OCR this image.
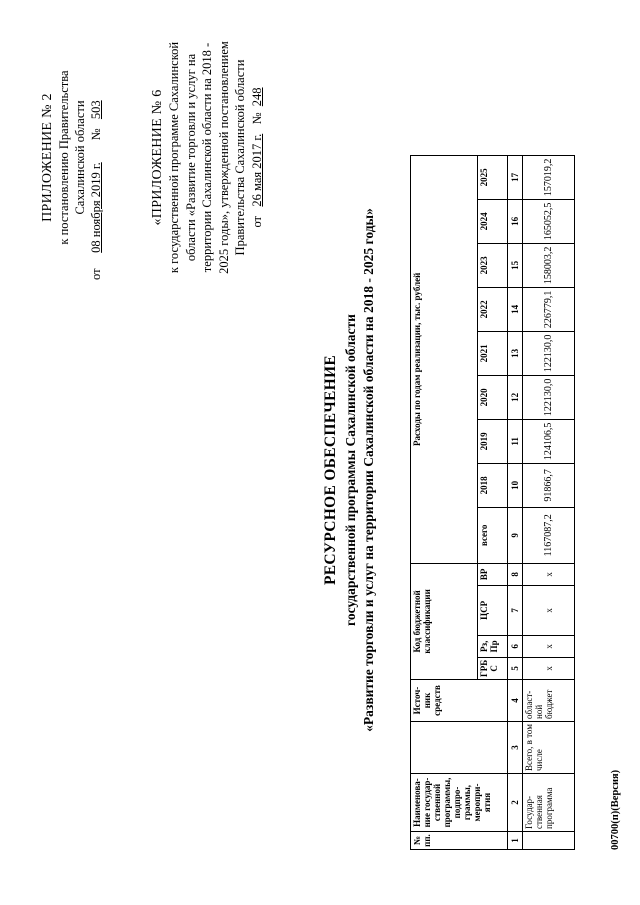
ПРИЛОЖЕНИЕ № 2 к постановлению Правительства Сахалинской области
от     08 ноября 2019 г.       №   503	«ПРИЛОЖЕНИЕ № 6 к государственной программе Сахалинской области «Развитие торговли и услуг на территории Сахалинской области на 2018 - 2025 годы», утвержденной постановлением Правительства Сахалинской области от   26 мая 2017 г.   №  248
РЕСУРСНОЕ ОБЕСПЕЧЕНИЕ государственной программы Сахалинской области «Развитие торговли и услуг на территории Сахалинской области на 2018 - 2025 годы»
№ пп.	Наименова-ние государ-ственной программы, подпро-граммы, меропри-ятия		Источ-ник средств	Код бюджетной классификации				Расходы по годам реализации, тыс. рублей								
				ГРБ С	Рз, Пр	ЦСР	ВР	всего	2018	2019	2020	2021	2022	2023	2024	2025

1	2	3	4	5	6	7	8	9	10	11	12	13	14	15	16	17
	Государ-ственная программа	Всего, в том числе	област-ной бюджет	х	х	х	х	1167087,2	91866,7	124106,5	122130,0	122130,0	226779,1	158003,2	165052,5	157019,2
00700(п)(Версия)
